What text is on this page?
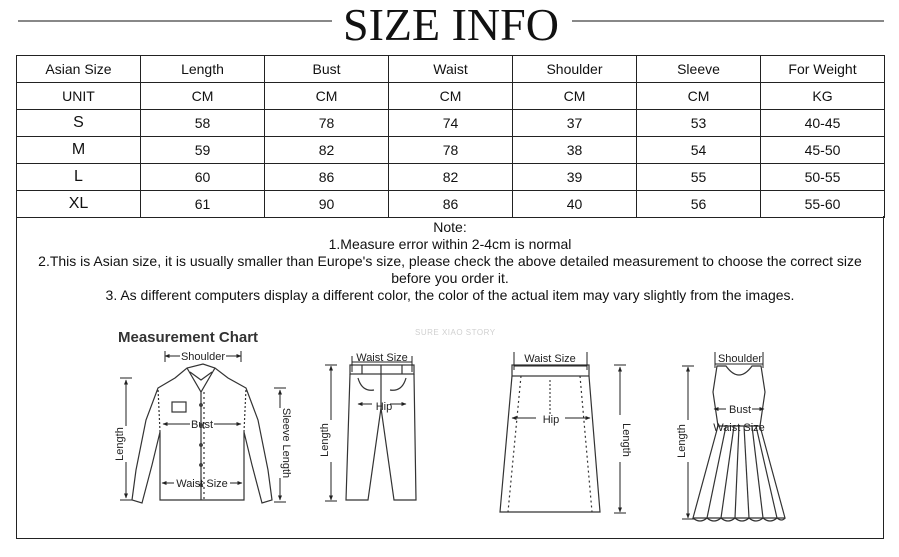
SIZE INFO
Asian Size	Length	Bust	Waist	Shoulder	Sleeve	For Weight
UNIT	CM	CM	CM	CM	CM	KG
S	58	78	74	37	53	40-45
M	59	82	78	38	54	45-50
L	60	86	82	39	55	50-55
XL	61	90	86	40	56	55-60
Note:
1.Measure error within 2-4cm is normal
2.This is Asian size, it is usually smaller than Europe's size, please check the above detailed measurement to choose the correct size
before you order it.
3. As different computers display a different color, the color of the actual item may vary slightly from the images.
Measurement Chart	SURE XIAO STORY
Shoulder
Bust
Waist Size
Length	Sleeve Length
Waist Size
Hip
Length
Waist Size
Hip
Length
Shoulder
Bust
Waist Size
Length
